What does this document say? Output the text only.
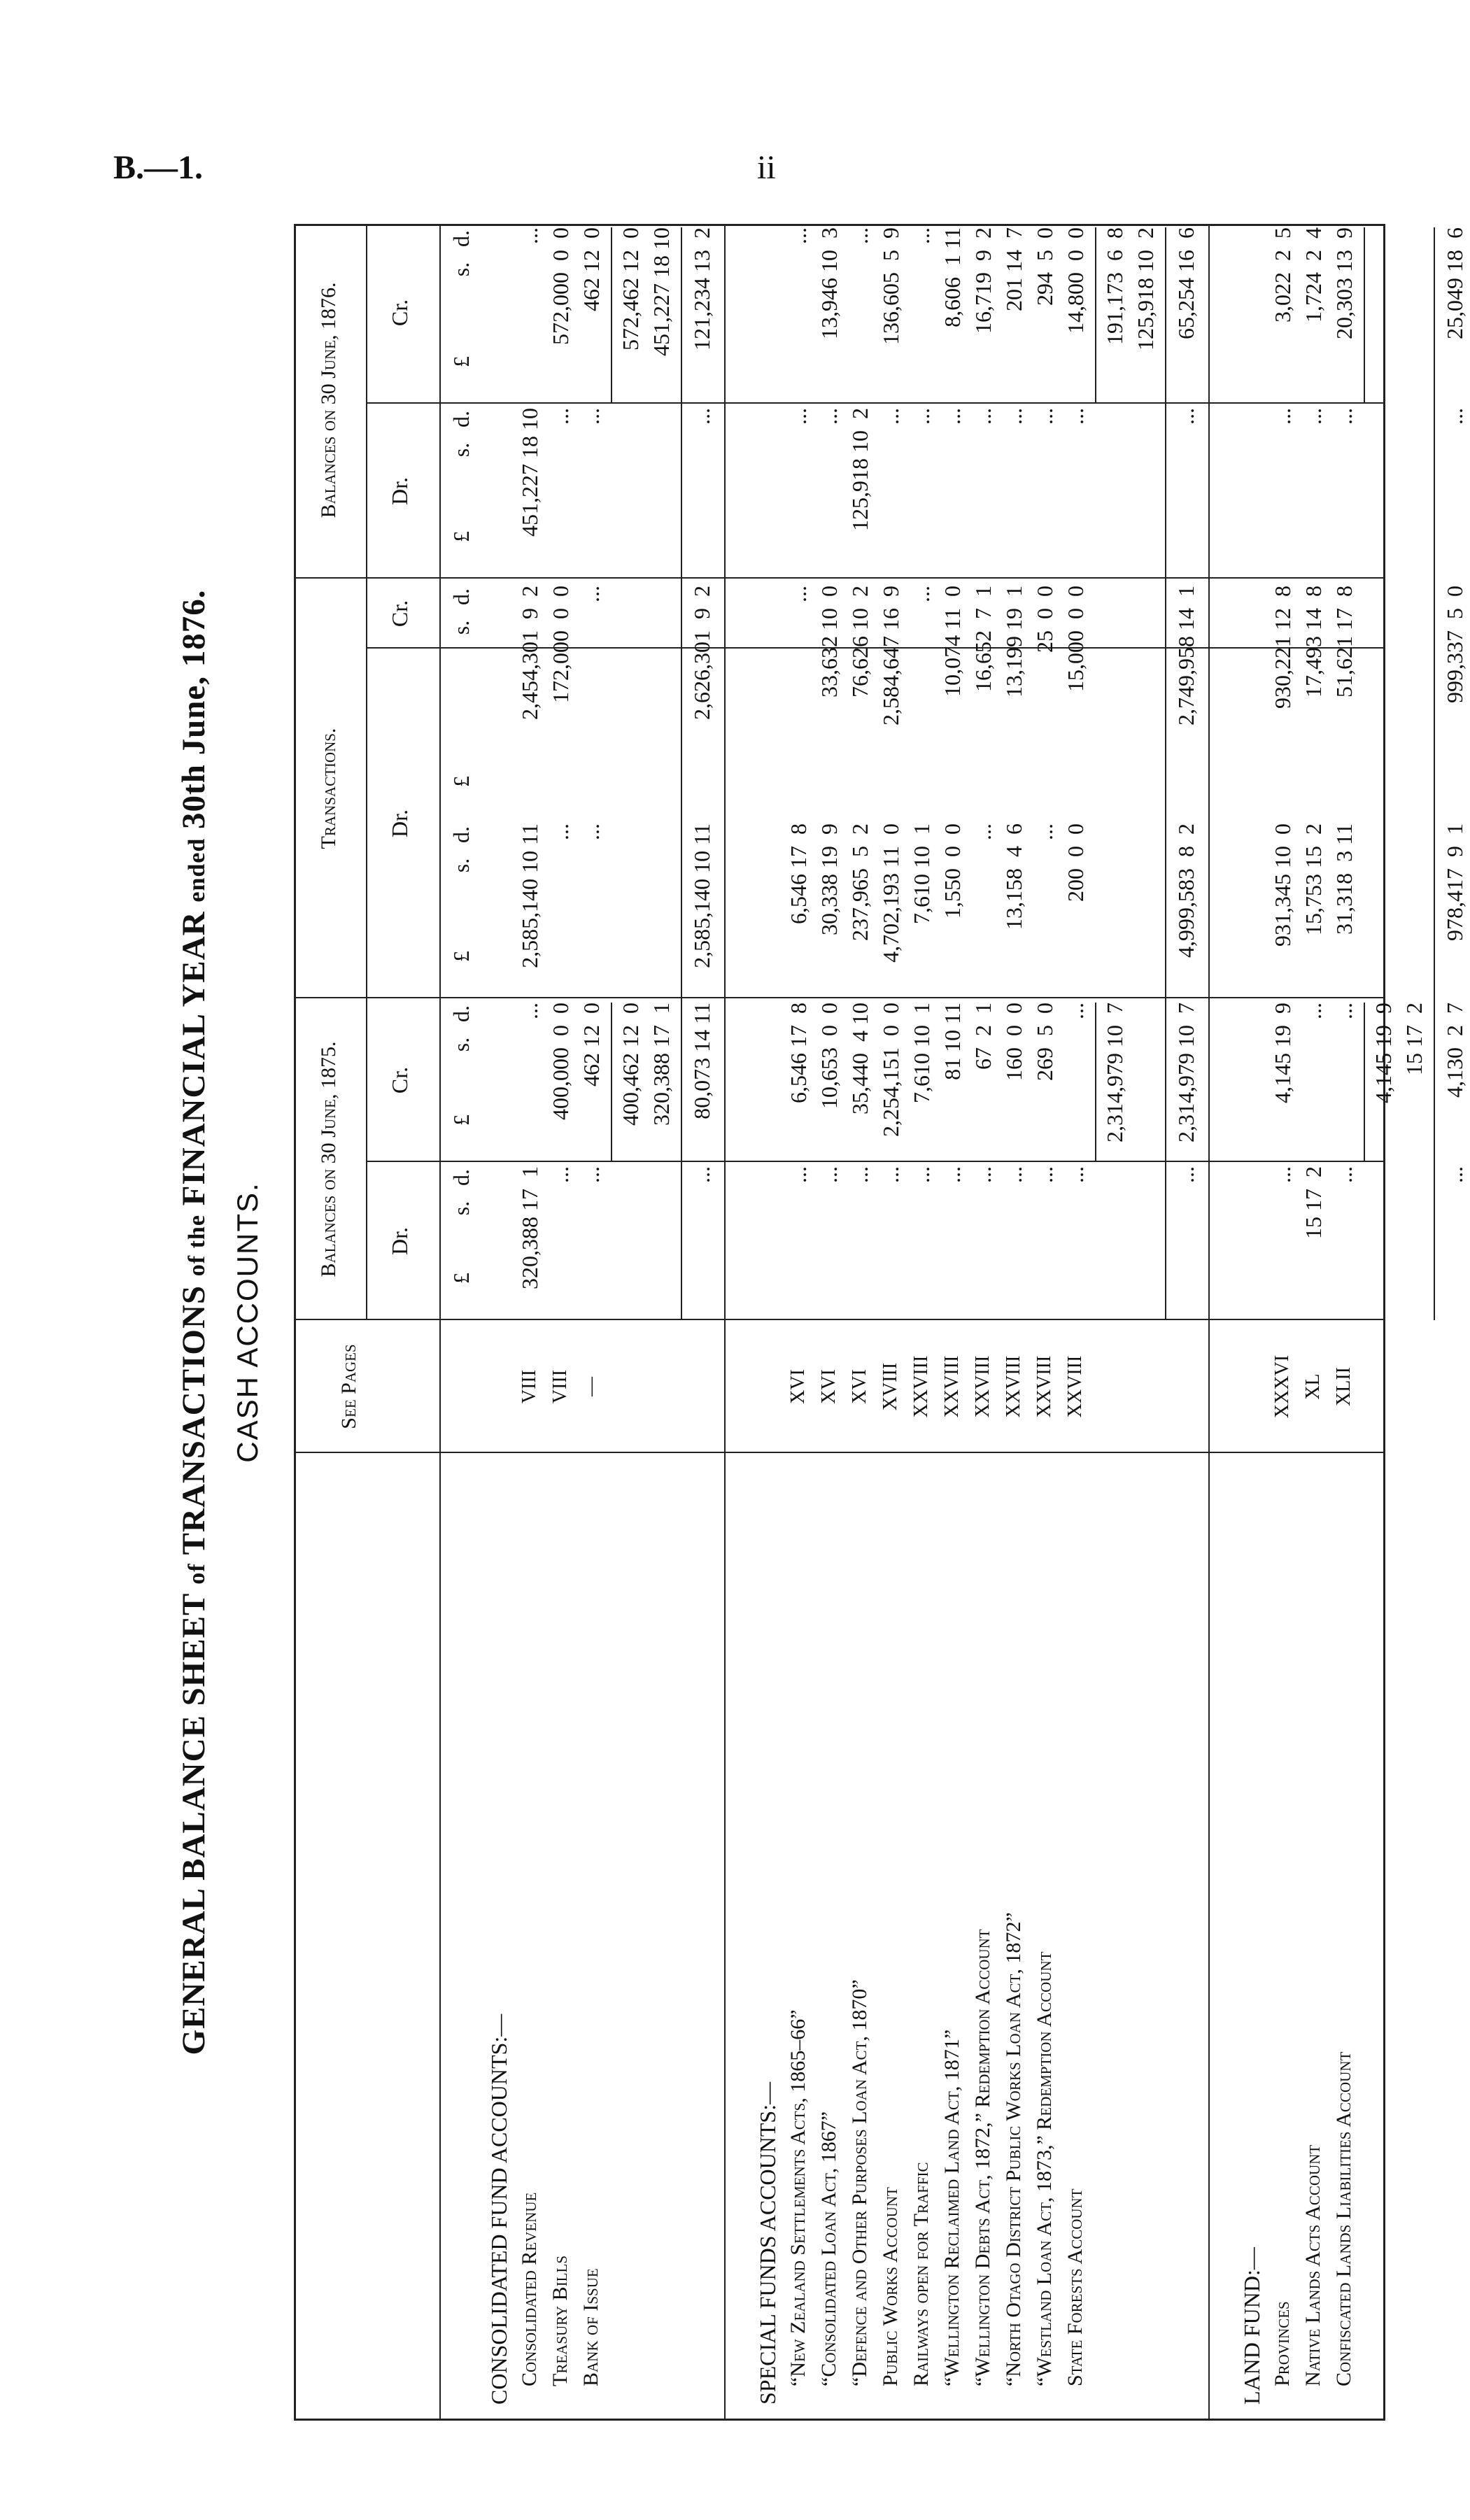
B.—1.	ii
GENERAL BALANCE SHEET of TRANSACTIONS of the FINANCIAL YEAR ended 30th June, 1876.
CASH ACCOUNTS.	See Pages
Balances on 30 June, 1875.
Transactions.
Balances on 30 June, 1876.
Dr.
Cr.
Dr.
Cr.
Dr.
Cr.
£
s.
d.
£
s.
d.
£
s.
d.
£
s.
d.
£
s.
d.
£
s.
d.
CONSOLIDATED FUND ACCOUNTS:— Consolidated Revenue
VIII
320,388 17  1
...
2,585,140 10 11
2,454,301  9  2
451,227 18 10
...
Treasury Bills
VIII
...
400,000  0  0
...
172,000  0  0
...
572,000  0  0
Bank of Issue
—
...
462 12  0
...
...
...
462 12  0
400,462 12  0
572,462 12  0
320,388 17  1
451,227 18 10
...
80,073 14 11
2,585,140 10 11
2,626,301  9  2
...
121,234 13  2
SPECIAL FUNDS ACCOUNTS:— “New Zealand Settlements Acts, 1865–66”
XVI
...
6,546 17  8
6,546 17  8
...
...
...
“Consolidated Loan Act, 1867”
XVI
...
10,653  0  0
30,338 19  9
33,632 10  0
...
13,946 10  3
“Defence and Other Purposes Loan Act, 1870”
XVI
...
35,440  4 10
237,965  5  2
76,626 10  2
125,918 10  2
...
Public Works Account
XVIII
...
2,254,151  0  0
4,702,193 11  0
2,584,647 16  9
...
136,605  5  9
Railways open for Traffic
XXVIII
...
7,610 10  1
7,610 10  1
...
...
...
“Wellington Reclaimed Land Act, 1871”
XXVIII
...
81 10 11
1,550  0  0
10,074 11  0
...
8,606  1 11
“Wellington Debts Act, 1872,” Redemption Account
XXVIII
...
67  2  1
...
16,652  7  1
...
16,719  9  2
“North Otago District Public Works Loan Act, 1872”
XXVIII
...
160  0  0
13,158  4  6
13,199 19  1
...
201 14  7
“Westland Loan Act, 1873,” Redemption Account
XXVIII
...
269  5  0
...
25  0  0
...
294  5  0
State Forests Account
XXVIII
...
...
200  0  0
15,000  0  0
...
14,800  0  0
2,314,979 10  7
191,173  6  8 125,918 10  2
...
2,314,979 10  7
4,999,583  8  2
2,749,958 14  1
...
65,254 16  6
LAND FUND:— Provinces
XXXVI
...
4,145 19  9
931,345 10  0
930,221 12  8
...
3,022  2  5
Native Lands Acts Account
XL
15 17  2
...
15,753 15  2
17,493 14  8
...
1,724  2  4
Confiscated Lands Liabilities Account
XLII
...
...
31,318  3 11
51,621 17  8
...
20,303 13  9
4,145 19  9 15 17  2
...
4,130  2  7
978,417  9  1
999,337  5  0
...
25,049 18  6
